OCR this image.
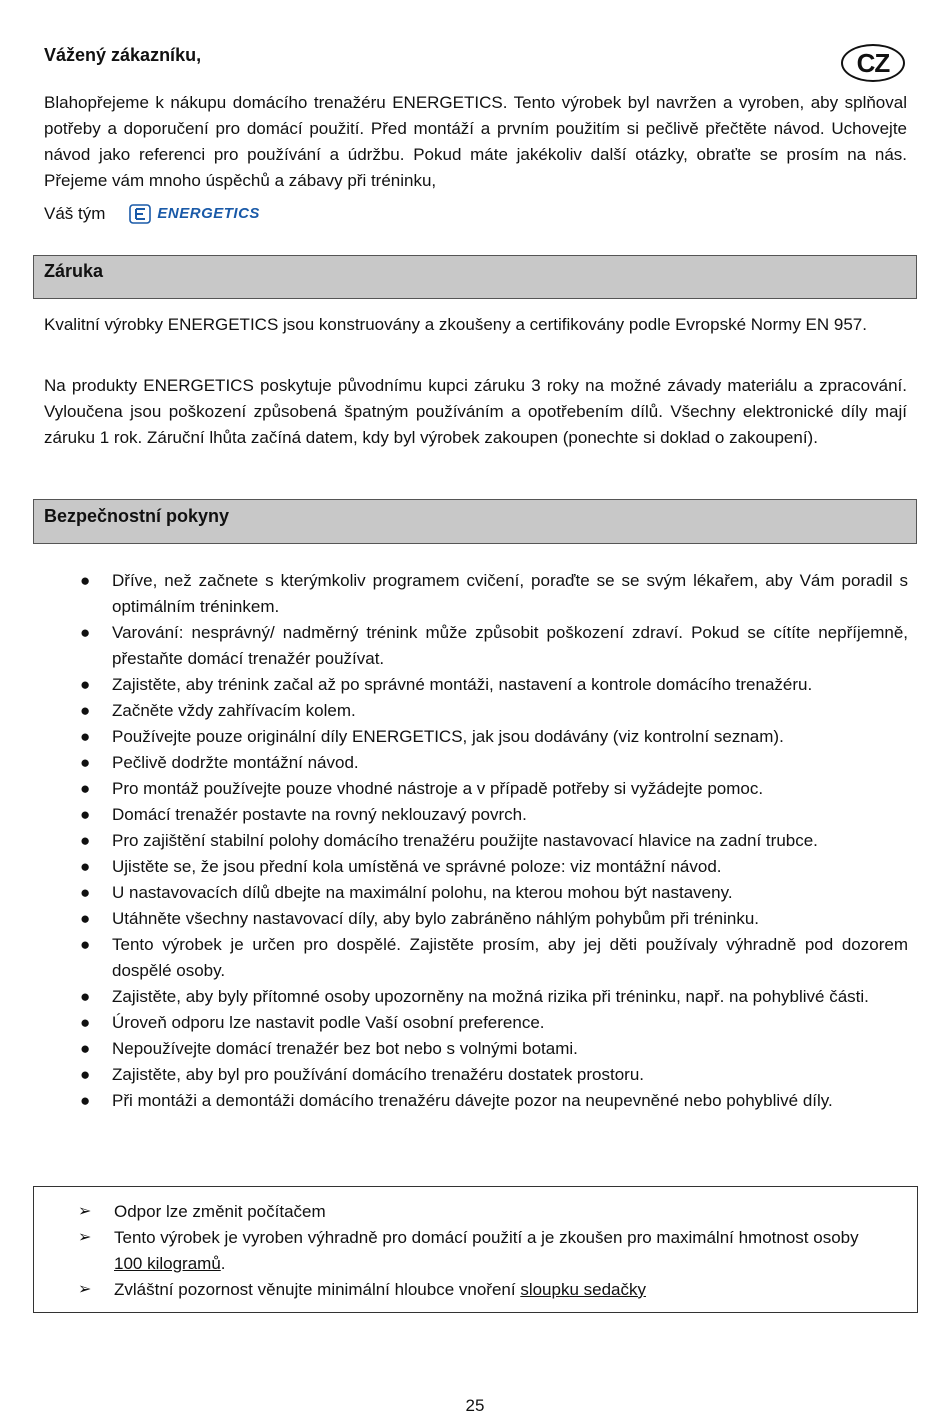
Vážený zákazníku,	CZ

Blahopřejeme k nákupu domácího trenažéru ENERGETICS. Tento výrobek byl navržen a vyroben, aby splňoval potřeby a doporučení pro domácí použití. Před montáží a prvním použitím si pečlivě přečtěte návod. Uchovejte návod jako referenci pro používání a údržbu. Pokud máte jakékoliv další otázky, obraťte se prosím na nás. Přejeme vám mnoho úspěchů a zábavy při tréninku,

Váš tým	ENERGETICS
Záruka

Kvalitní výrobky ENERGETICS jsou konstruovány a zkoušeny a certifikovány podle Evropské Normy EN 957.

Na produkty ENERGETICS poskytuje původnímu kupci záruku 3 roky na možné závady materiálu a zpracování. Vyloučena jsou poškození způsobená špatným používáním a opotřebením dílů. Všechny elektronické díly mají záruku 1 rok. Záruční lhůta začíná datem, kdy byl výrobek zakoupen (ponechte si doklad o zakoupení).

Bezpečnostní pokyny
● Dříve, než začnete s kterýmkoliv programem cvičení, poraďte se se svým lékařem, aby Vám poradil s optimálním tréninkem.
● Varování: nesprávný/ nadměrný trénink může způsobit poškození zdraví. Pokud se cítíte nepříjemně, přestaňte domácí trenažér používat.
● Zajistěte, aby trénink začal až po správné montáži, nastavení a kontrole domácího trenažéru.
● Začněte vždy zahřívacím kolem.
● Používejte pouze originální díly ENERGETICS, jak jsou dodávány (viz kontrolní seznam).
● Pečlivě dodržte montážní návod.
● Pro montáž používejte pouze vhodné nástroje a v případě potřeby si vyžádejte pomoc.
● Domácí trenažér postavte na rovný neklouzavý povrch.
● Pro zajištění stabilní polohy domácího trenažéru použijte nastavovací hlavice na zadní trubce.
● Ujistěte se, že jsou přední kola umístěná ve správné poloze: viz montážní návod.
● U nastavovacích dílů dbejte na maximální polohu, na kterou mohou být nastaveny.
● Utáhněte všechny nastavovací díly, aby bylo zabráněno náhlým pohybům při tréninku.
● Tento výrobek je určen pro dospělé. Zajistěte prosím, aby jej děti používaly výhradně pod dozorem dospělé osoby.
● Zajistěte, aby byly přítomné osoby upozorněny na možná rizika při tréninku, např. na pohyblivé části.
● Úroveň odporu lze nastavit podle Vaší osobní preference.
● Nepoužívejte domácí trenažér bez bot nebo s volnými botami.
● Zajistěte, aby byl pro používání domácího trenažéru dostatek prostoru.
● Při montáži a demontáži domácího trenažéru dávejte pozor na neupevněné nebo pohyblivé díly.
➢ Odpor lze změnit počítačem
➢ Tento výrobek je vyroben výhradně pro domácí použití a je zkoušen pro maximální hmotnost osoby 100 kilogramů.
➢ Zvláštní pozornost věnujte minimální hloubce vnoření sloupku sedačky
25
